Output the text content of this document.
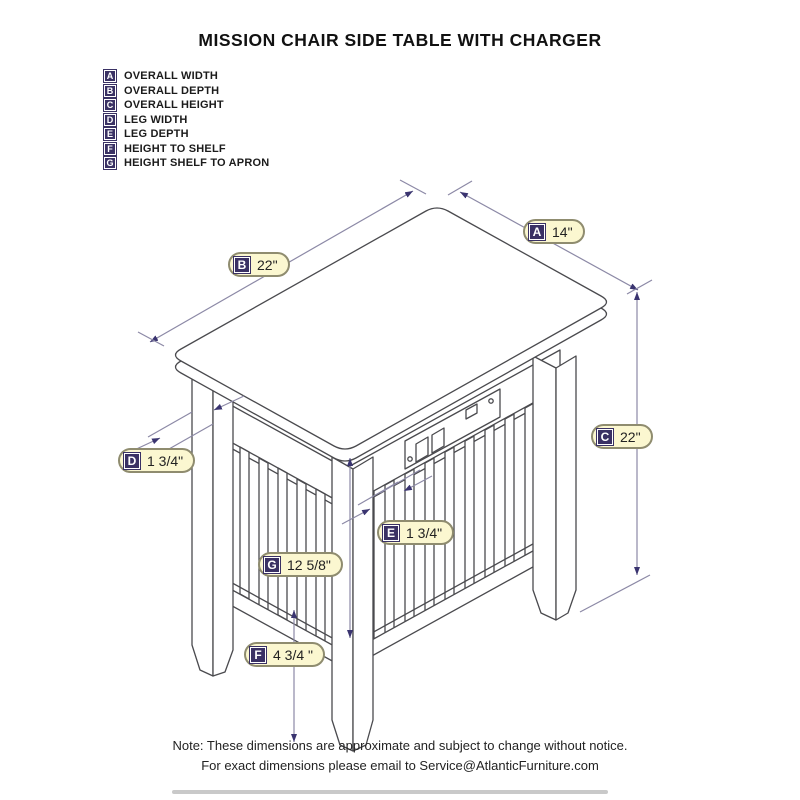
MISSION CHAIR SIDE TABLE WITH CHARGER
A OVERALL WIDTH
B OVERALL DEPTH
C OVERALL HEIGHT
D LEG WIDTH
E LEG DEPTH
F HEIGHT TO SHELF
G HEIGHT SHELF TO APRON
A 14"
B 22"
C 22"
D 1 3/4"
E 1 3/4"
G 12 5/8"
F 4 3/4 "
Note: These dimensions are approximate and subject to change without notice.
For exact dimensions please email to Service@AtlanticFurniture.com
